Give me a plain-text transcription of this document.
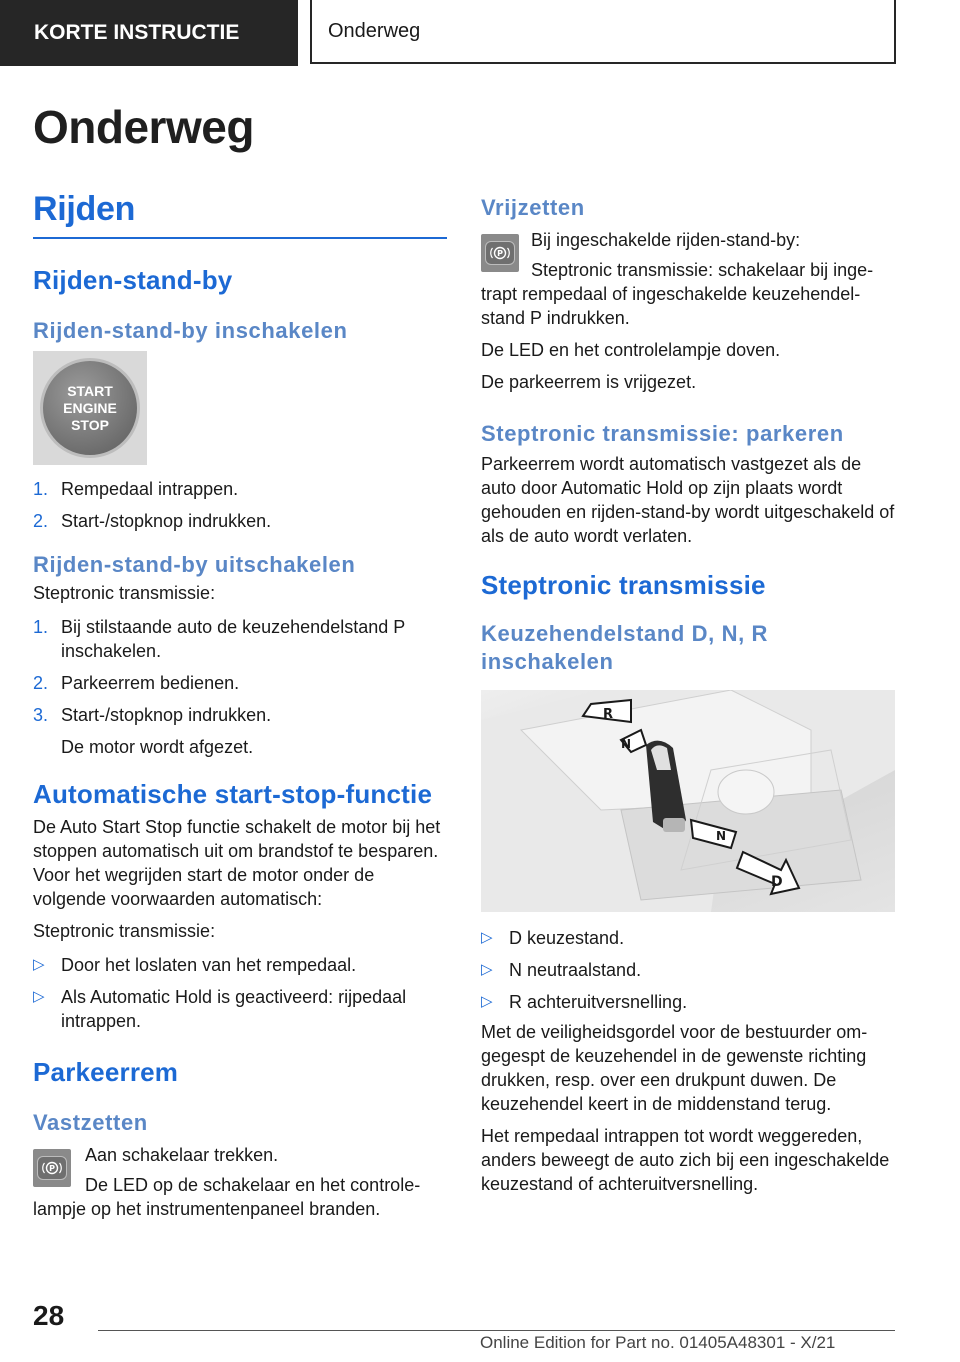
KORTE INSTRUCTIE	Onderweg
Onderweg
Rijden
Rijden-stand-by
Rijden-stand-by inschakelen
START
ENGINE
STOP
1. Rempedaal intrappen.
2. Start-/stopknop indrukken.
Rijden-stand-by uitschakelen

Steptronic transmissie:

1. Bij stilstaande auto de keuzehendelstand P inschakelen.
2. Parkeerrem bedienen.
3. Start-/stopknop indrukken.

De motor wordt afgezet.

Automatische start-stop-functie

De Auto Start Stop functie schakelt de motor bij het stoppen automatisch uit om brandstof te besparen. Voor het wegrijden start de motor onder de volgende voorwaarden automatisch:

Steptronic transmissie:

▷ Door het loslaten van het rempedaal.
▷ Als Automatic Hold is geactiveerd: rijpedaal intrappen.
Parkeerrem
Vastzetten
P

Aan schakelaar trekken.

De LED op de schakelaar en het controlelampje op het instrumentenpaneel branden.

Vrijzetten
P

Bij ingeschakelde rijden-stand-by:

Steptronic transmissie: schakelaar bij ingetrapt rempedaal of ingeschakelde keuzehendelstand P indrukken.

De LED en het controlelampje doven.

De parkeerrem is vrijgezet.

Steptronic transmissie: parkeren

Parkeerrem wordt automatisch vastgezet als de auto door Automatic Hold op zijn plaats wordt gehouden en rijden-stand-by wordt uitgeschakeld of als de auto wordt verlaten.

Steptronic transmissie
Keuzehendelstand D, N, R inschakelen
R
N
N
D
▷ D keuzestand.
▷ N neutraalstand.
▷ R achteruitversnelling.

Met de veiligheidsgordel voor de bestuurder omgegespt de keuzehendel in de gewenste richting drukken, resp. over een drukpunt duwen. De keuzehendel keert in de middenstand terug.

Het rempedaal intrappen tot wordt weggereden, anders beweegt de auto zich bij een ingeschakelde keuzestand of achteruitversnelling.

28

Online Edition for Part no. 01405A48301 - X/21
